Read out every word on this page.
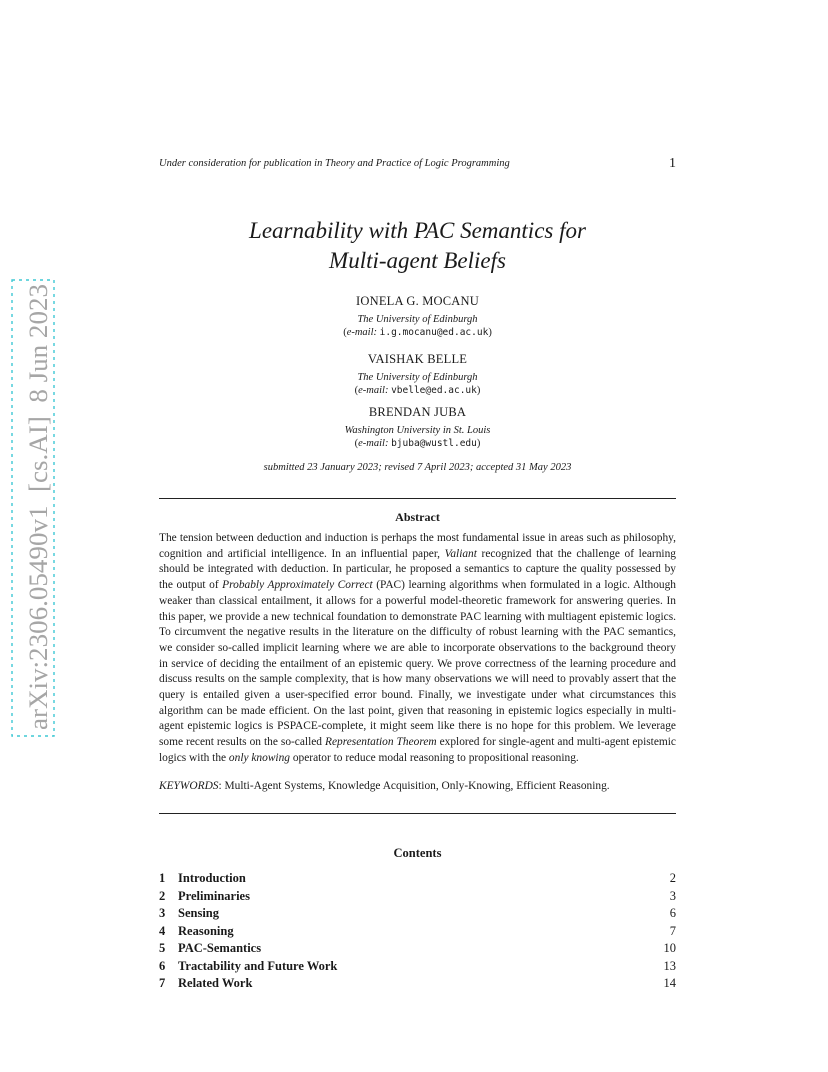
arXiv:2306.05490v1  [cs.AI]  8 Jun 2023
Under consideration for publication in Theory and Practice of Logic Programming	1
Learnability with PAC Semantics for
Multi-agent Beliefs
IONELA G. MOCANU
The University of Edinburgh
(e-mail: i.g.mocanu@ed.ac.uk)
VAISHAK BELLE
The University of Edinburgh
(e-mail: vbelle@ed.ac.uk)
BRENDAN JUBA
Washington University in St. Louis
(e-mail: bjuba@wustl.edu)
submitted 23 January 2023; revised 7 April 2023; accepted 31 May 2023
Abstract

The tension between deduction and induction is perhaps the most fundamental issue in areas such as philosophy, cognition and artificial intelligence. In an influential paper, Valiant recognized that the challenge of learning should be integrated with deduction. In particular, he proposed a semantics to capture the quality possessed by the output of Probably Approximately Correct (PAC) learning algorithms when formulated in a logic. Although weaker than classical entailment, it allows for a powerful model-theoretic framework for answering queries. In this paper, we provide a new technical foundation to demonstrate PAC learning with multiagent epistemic logics. To circumvent the negative results in the literature on the difficulty of robust learning with the PAC semantics, we consider so-called implicit learning where we are able to incorporate observations to the background theory in service of deciding the entailment of an epistemic query. We prove correctness of the learning procedure and discuss results on the sample complexity, that is how many observations we will need to provably assert that the query is entailed given a user-specified error bound. Finally, we investigate under what circumstances this algorithm can be made efficient. On the last point, given that reasoning in epistemic logics especially in multi-agent epistemic logics is PSPACE-complete, it might seem like there is no hope for this problem. We leverage some recent results on the so-called Representation Theorem explored for single-agent and multi-agent epistemic logics with the only knowing operator to reduce modal reasoning to propositional reasoning.

KEYWORDS: Multi-Agent Systems, Knowledge Acquisition, Only-Knowing, Efficient Reasoning.
Contents
1	Introduction	2
2	Preliminaries	3
3	Sensing	6
4	Reasoning	7
5	PAC-Semantics	10
6	Tractability and Future Work	13
7	Related Work	14
